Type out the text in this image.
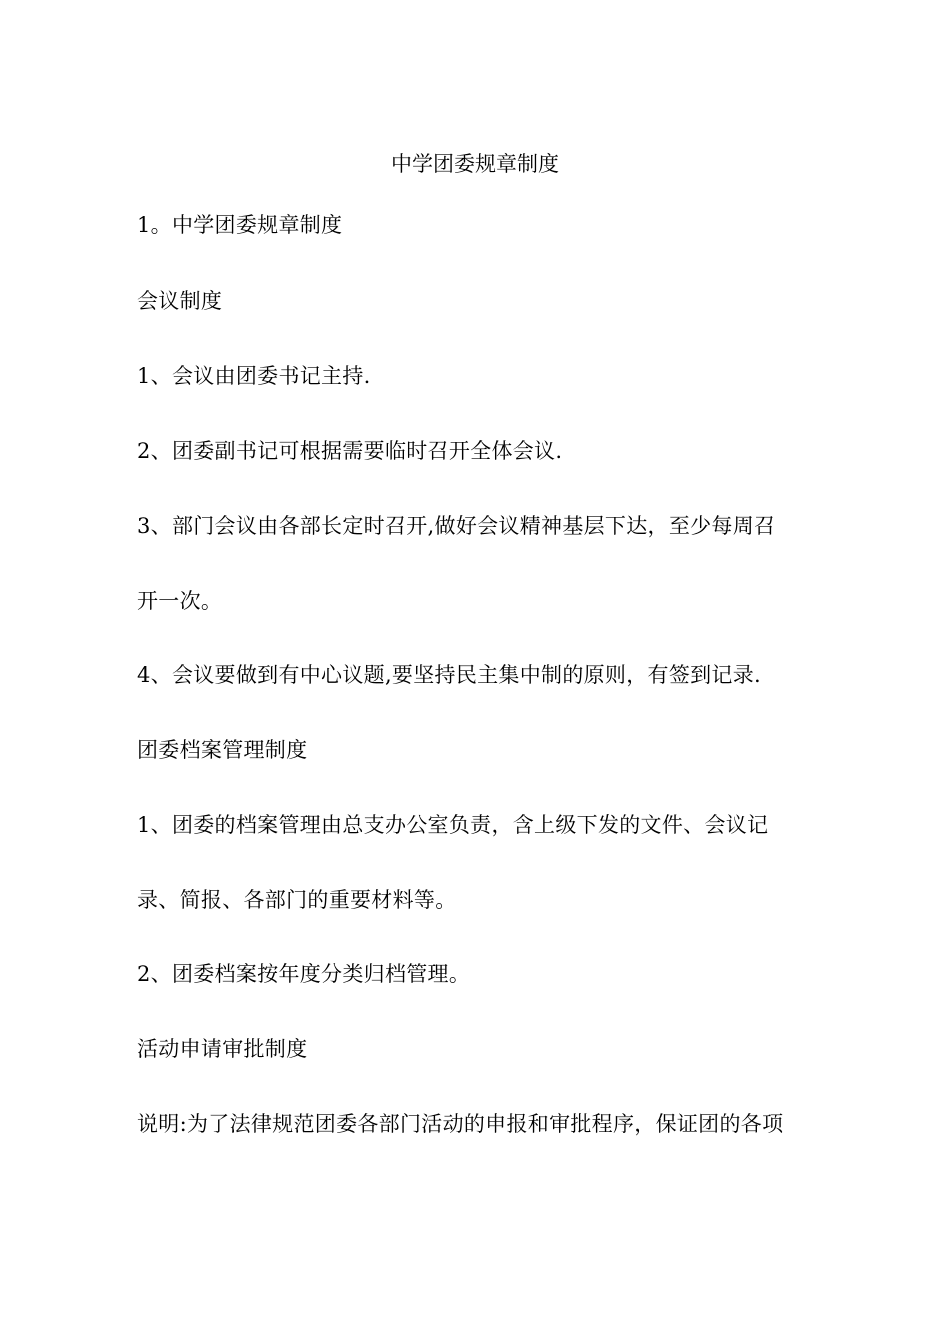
中学团委规章制度

1。中学团委规章制度

会议制度

1、会议由团委书记主持.

2、团委副书记可根据需要临时召开全体会议.

3、部门会议由各部长定时召开,做好会议精神基层下达，至少每周召

开一次。

4、会议要做到有中心议题,要坚持民主集中制的原则，有签到记录.

团委档案管理制度

1、团委的档案管理由总支办公室负责，含上级下发的文件、会议记

录、简报、各部门的重要材料等。

2、团委档案按年度分类归档管理。

活动申请审批制度

说明:为了法律规范团委各部门活动的申报和审批程序，保证团的各项
